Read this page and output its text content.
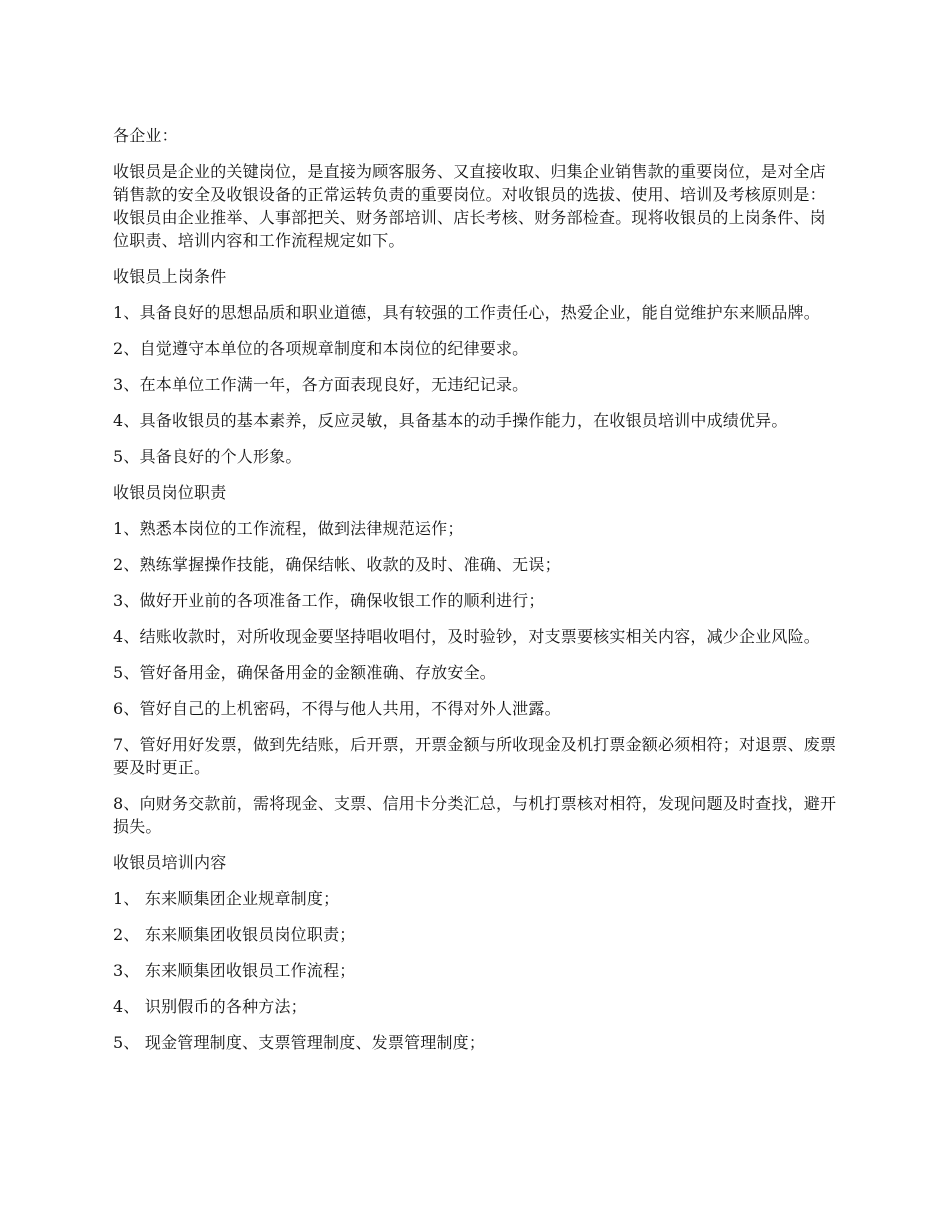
各企业：

收银员是企业的关键岗位，是直接为顾客服务、又直接收取、归集企业销售款的重要岗位，是对全店销售款的安全及收银设备的正常运转负责的重要岗位。对收银员的选拔、使用、培训及考核原则是：收银员由企业推举、人事部把关、财务部培训、店长考核、财务部检查。现将收银员的上岗条件、岗位职责、培训内容和工作流程规定如下。

收银员上岗条件

1、具备良好的思想品质和职业道德，具有较强的工作责任心，热爱企业，能自觉维护东来顺品牌。

2、自觉遵守本单位的各项规章制度和本岗位的纪律要求。

3、在本单位工作满一年，各方面表现良好，无违纪记录。

4、具备收银员的基本素养，反应灵敏，具备基本的动手操作能力，在收银员培训中成绩优异。

5、具备良好的个人形象。

收银员岗位职责

1、熟悉本岗位的工作流程，做到法律规范运作；

2、熟练掌握操作技能，确保结帐、收款的及时、准确、无误；

3、做好开业前的各项准备工作，确保收银工作的顺利进行；

4、结账收款时，对所收现金要坚持唱收唱付，及时验钞，对支票要核实相关内容，减少企业风险。

5、管好备用金，确保备用金的金额准确、存放安全。

6、管好自己的上机密码，不得与他人共用，不得对外人泄露。

7、管好用好发票，做到先结账，后开票，开票金额与所收现金及机打票金额必须相符；对退票、废票要及时更正。

8、向财务交款前，需将现金、支票、信用卡分类汇总，与机打票核对相符，发现问题及时查找，避开损失。

收银员培训内容

1、 东来顺集团企业规章制度；

2、 东来顺集团收银员岗位职责；

3、 东来顺集团收银员工作流程；

4、 识别假币的各种方法；

5、 现金管理制度、支票管理制度、发票管理制度；
